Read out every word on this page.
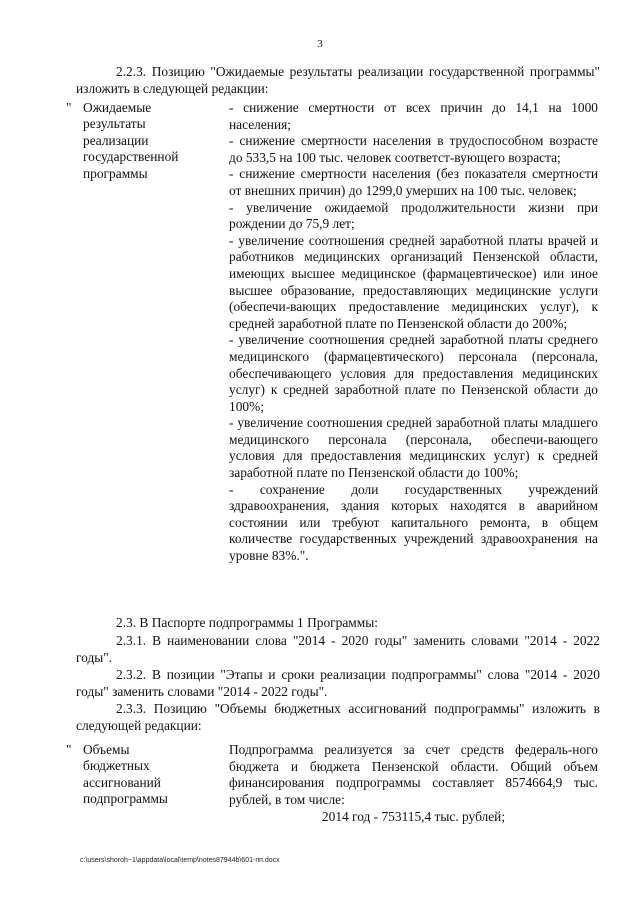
3

2.2.3. Позицию "Ожидаемые результаты реализации государственной программы" изложить в следующей редакции:

" Ожидаемые
результаты
реализации
государственной
программы

- снижение смертности от всех причин до 14,1 на 1000 населения;

- снижение смертности населения в трудоспособном возрасте до 533,5 на 100 тыс. человек соответст-вующего возраста;

- снижение смертности населения (без показателя смертности от внешних причин) до 1299,0 умерших на 100 тыс. человек;

- увеличение ожидаемой продолжительности жизни при рождении до 75,9 лет;

- увеличение соотношения средней заработной платы врачей и работников медицинских организаций Пензенской области, имеющих высшее медицинское (фармацевтическое) или иное высшее образование, предоставляющих медицинские услуги (обеспечи-вающих предоставление медицинских услуг), к средней заработной плате по Пензенской области до 200%;

- увеличение соотношения средней заработной платы среднего медицинского (фармацевтического) персонала (персонала, обеспечивающего условия для предоставления медицинских услуг) к средней заработной плате по Пензенской области до 100%;

- увеличение соотношения средней заработной платы младшего медицинского персонала (персонала, обеспечи-вающего условия для предоставления медицинских услуг) к средней заработной плате по Пензенской области до 100%;

- сохранение доли государственных учреждений здравоохранения, здания которых находятся в аварийном состоянии или требуют капитального ремонта, в общем количестве государственных учреждений здравоохранения на уровне 83%.".

2.3. В Паспорте подпрограммы 1 Программы:

2.3.1. В наименовании слова "2014 - 2020 годы" заменить словами "2014 - 2022 годы".

2.3.2. В позиции "Этапы и сроки реализации подпрограммы" слова "2014 - 2020 годы" заменить словами "2014 - 2022 годы".

2.3.3. Позицию "Объемы бюджетных ассигнований подпрограммы" изложить в следующей редакции:

" Объемы
бюджетных
ассигнований
подпрограммы

Подпрограмма реализуется за счет средств федераль-ного бюджета и бюджета Пензенской области. Общий объем финансирования подпрограммы составляет 8574664,9 тыс. рублей, в том числе:

2014 год - 753115,4 тыс. рублей;
c:\users\shoroh~1\appdata\local\temp\notes87944b\601-пп.docx
